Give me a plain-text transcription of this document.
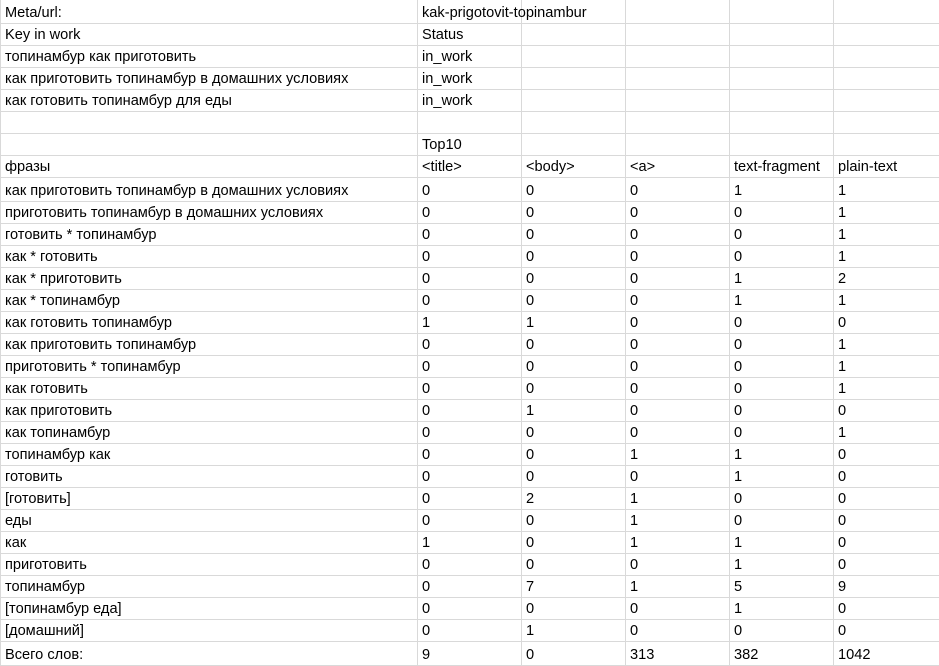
Meta/url:	kak-prigotovit-topinambur				
Key in work	Status				
топинамбур как приготовить	in_work				
как приготовить топинамбур в домашних условиях	in_work				
как готовить топинамбур для еды	in_work				

	Top10				
фразы	<title>	<body>	<a>	text-fragment	plain-text
как приготовить топинамбур в домашних условиях	0	0	0	1	1
приготовить топинамбур в домашних условиях	0	0	0	0	1
готовить * топинамбур	0	0	0	0	1
как * готовить	0	0	0	0	1
как * приготовить	0	0	0	1	2
как * топинамбур	0	0	0	1	1
как готовить топинамбур	1	1	0	0	0
как приготовить топинамбур	0	0	0	0	1
приготовить * топинамбур	0	0	0	0	1
как готовить	0	0	0	0	1
как приготовить	0	1	0	0	0
как топинамбур	0	0	0	0	1
топинамбур как	0	0	1	1	0
готовить	0	0	0	1	0
[готовить]	0	2	1	0	0
еды	0	0	1	0	0
как	1	0	1	1	0
приготовить	0	0	0	1	0
топинамбур	0	7	1	5	9
[топинамбур еда]	0	0	0	1	0
[домашний]	0	1	0	0	0
Всего слов:	9	0	313	382	1042
